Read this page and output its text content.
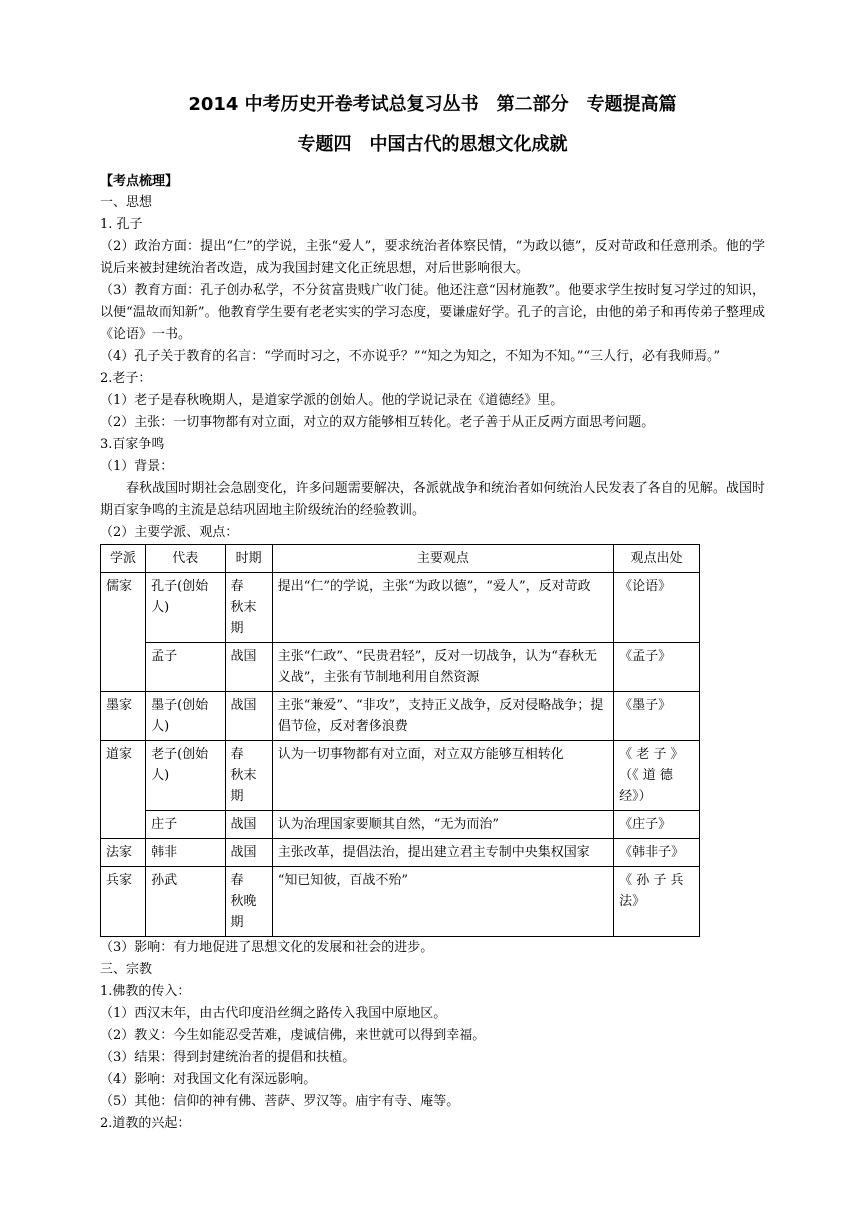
2014 中考历史开卷考试总复习丛书　第二部分　专题提高篇
专题四　中国古代的思想文化成就
【考点梳理】

一、思想

1. 孔子

（2）政治方面：提出“仁”的学说，主张“爱人”，要求统治者体察民情，“为政以德”，反对苛政和任意刑杀。他的学说后来被封建统治者改造，成为我国封建文化正统思想，对后世影响很大。

（3）教育方面：孔子创办私学，不分贫富贵贱广收门徒。他还注意“因材施教”。他要求学生按时复习学过的知识，以便“温故而知新”。他教育学生要有老老实实的学习态度，要谦虚好学。孔子的言论，由他的弟子和再传弟子整理成《论语》一书。

（4）孔子关于教育的名言：“学而时习之，不亦说乎？”“知之为知之，不知为不知。”“三人行，必有我师焉。”

2.老子：

（1）老子是春秋晚期人，是道家学派的创始人。他的学说记录在《道德经》里。

（2）主张：一切事物都有对立面，对立的双方能够相互转化。老子善于从正反两方面思考问题。

3.百家争鸣

（1）背景：

春秋战国时期社会急剧变化，许多问题需要解决，各派就战争和统治者如何统治人民发表了各自的见解。战国时期百家争鸣的主流是总结巩固地主阶级统治的经验教训。

（2）主要学派、观点：

学派	代表	时期	主要观点	观点出处
儒家	孔子(创始人)	春　秋末期	提出“仁”的学说，主张“为政以德”，“爱人”，反对苛政	《论语》
	孟子	战国	主张“仁政”、“民贵君轻”，反对一切战争，认为“春秋无义战”，主张有节制地利用自然资源	《孟子》
墨家	墨子(创始人)	战国	主张“兼爱”、“非攻”，支持正义战争，反对侵略战争；提倡节俭，反对奢侈浪费	《墨子》
道家	老子(创始人)	春　秋末期	认为一切事物都有对立面，对立双方能够互相转化	《 老 子 》（《 道 德 经》）
	庄子	战国	认为治理国家要顺其自然，“无为而治”	《庄子》
法家	韩非	战国	主张改革，提倡法治，提出建立君主专制中央集权国家	《韩非子》
兵家	孙武	春　秋晚期	“知已知彼，百战不殆”	《 孙 子 兵法》

（3）影响：有力地促进了思想文化的发展和社会的进步。

三、宗教

1.佛教的传入：

（1）西汉末年，由古代印度沿丝绸之路传入我国中原地区。

（2）教义：今生如能忍受苦难，虔诚信佛，来世就可以得到幸福。

（3）结果：得到封建统治者的提倡和扶植。

（4）影响：对我国文化有深远影响。

（5）其他：信仰的神有佛、菩萨、罗汉等。庙宇有寺、庵等。

2.道教的兴起：
